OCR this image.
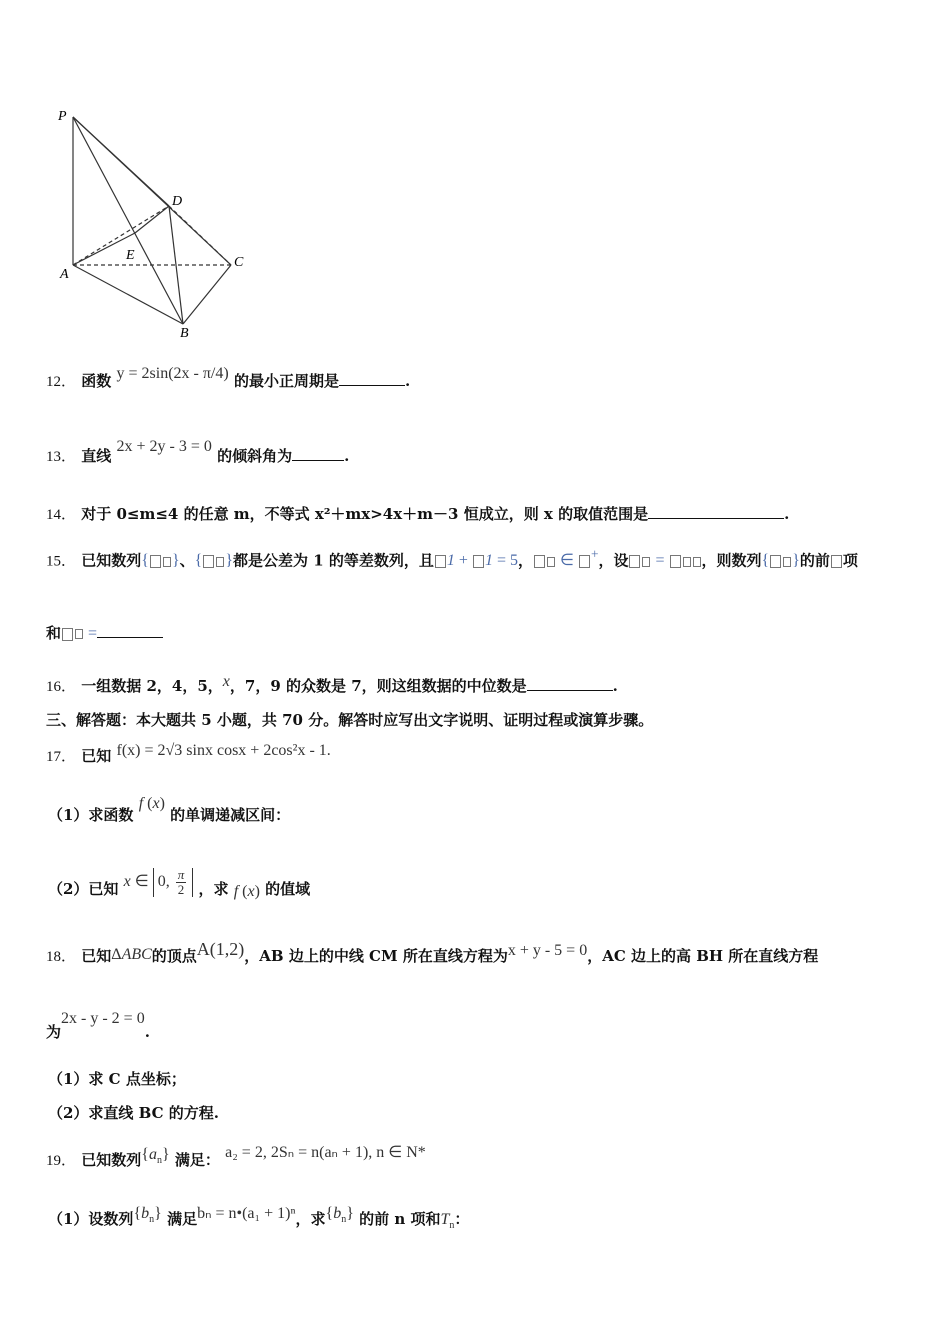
P
D
E
A
C
B
12． 函数 y = 2sin(2x - π/4) 的最小正周期是	.
13． 直线 2x + 2y - 3 = 0 的倾斜角为	.
14． 对于 0≤m≤4 的任意 m，不等式 x²＋mx>4x＋m－3 恒成立，则 x 的取值范围是	.
15． 已知数列{ }、{ }都是公差为 1 的等差数列，且 1 + 1 = 5， ∈ +，设 = ，则数列{ }的前 项
和 =
16． 一组数据 2，4，5，x，7，9 的众数是 7，则这组数据的中位数是	.
三、解答题：本大题共 5 小题，共 70 分。解答时应写出文字说明、证明过程或演算步骤。
17． 已知 f(x) = 2√3 sinx cosx + 2cos²x - 1.
（1）求函数 f (x) 的单调递减区间：
（2）已知 x ∈ 0, $\frac{\pi}{2}$ ，求 f (x) 的值域
18． 已知ΔABC的顶点A(1,2)，AB 边上的中线 CM 所在直线方程为x + y - 5 = 0，AC 边上的高 BH 所在直线方程
为2x - y - 2 = 0.
（1）求 C 点坐标；
（2）求直线 BC 的方程.
19． 已知数列$\{a_n\}$ 满足： a₂ = 2, 2Sₙ = n(aₙ + 1), n ∈ N*
（1）设数列$\{b_n\}$ 满足bₙ = n•(a₁ + 1)ⁿ，求$\{b_n\}$ 的前 n 项和$T_n$：
